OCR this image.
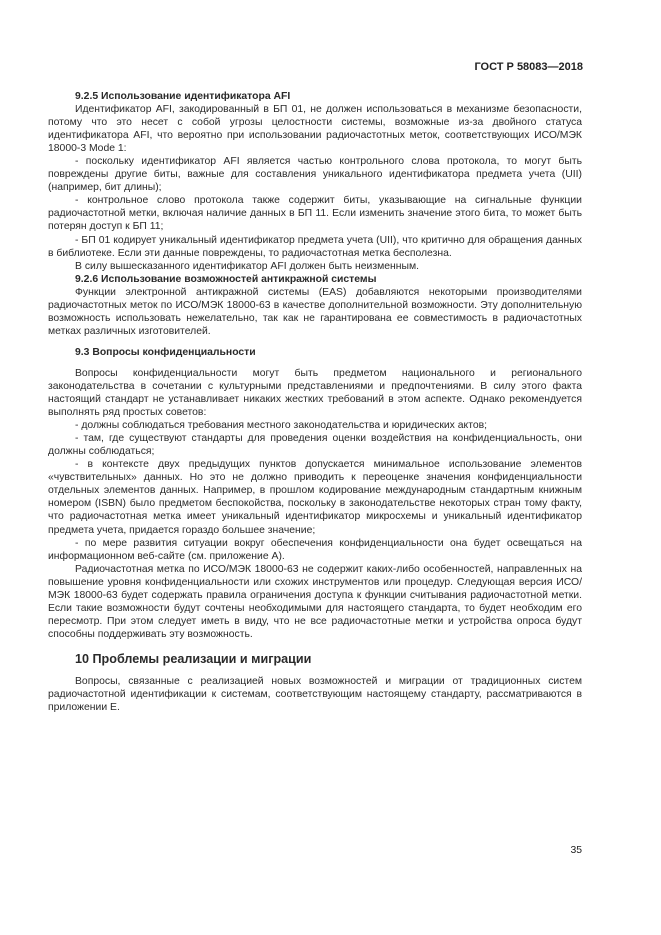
ГОСТ Р 58083—2018
9.2.5 Использование идентификатора AFI
Идентификатор AFI, закодированный в БП 01, не должен использоваться в механизме безопасности, потому что это несет с собой угрозы целостности системы, возможные из-за двойного статуса идентификатора AFI, что вероятно при использовании радиочастотных меток, соответствующих ИСО/МЭК 18000-3 Mode 1:
- поскольку идентификатор AFI является частью контрольного слова протокола, то могут быть повреждены другие биты, важные для составления уникального идентификатора предмета учета (UII) (например, бит длины);
- контрольное слово протокола также содержит биты, указывающие на сигнальные функции радиочастотной метки, включая наличие данных в БП 11. Если изменить значение этого бита, то может быть потерян доступ к БП 11;
- БП 01 кодирует уникальный идентификатор предмета учета (UII), что критично для обращения данных в библиотеке. Если эти данные повреждены, то радиочастотная метка бесполезна.
В силу вышесказанного идентификатор AFI должен быть неизменным.
9.2.6 Использование возможностей антикражной системы
Функции электронной антикражной системы (EAS) добавляются некоторыми производителями радиочастотных меток по ИСО/МЭК 18000-63 в качестве дополнительной возможности. Эту дополнительную возможность использовать нежелательно, так как не гарантирована ее совместимость в радиочастотных метках различных изготовителей.
9.3 Вопросы конфиденциальности
Вопросы конфиденциальности могут быть предметом национального и регионального законодательства в сочетании с культурными представлениями и предпочтениями. В силу этого факта настоящий стандарт не устанавливает никаких жестких требований в этом аспекте. Однако рекомендуется выполнять ряд простых советов:
- должны соблюдаться требования местного законодательства и юридических актов;
- там, где существуют стандарты для проведения оценки воздействия на конфиденциальность, они должны соблюдаться;
- в контексте двух предыдущих пунктов допускается минимальное использование элементов «чувствительных» данных. Но это не должно приводить к переоценке значения конфиденциальности отдельных элементов данных. Например, в прошлом кодирование международным стандартным книжным номером (ISBN) было предметом беспокойства, поскольку в законодательстве некоторых стран тому факту, что радиочастотная метка имеет уникальный идентификатор микросхемы и уникальный идентификатор предмета учета, придается гораздо большее значение;
- по мере развития ситуации вокруг обеспечения конфиденциальности она будет освещаться на информационном веб-сайте (см. приложение А).
Радиочастотная метка по ИСО/МЭК 18000-63 не содержит каких-либо особенностей, направленных на повышение уровня конфиденциальности или схожих инструментов или процедур. Следующая версия ИСО/МЭК 18000-63 будет содержать правила ограничения доступа к функции считывания радиочастотной метки. Если такие возможности будут сочтены необходимыми для настоящего стандарта, то будет необходим его пересмотр. При этом следует иметь в виду, что не все радиочастотные метки и устройства опроса будут способны поддерживать эту возможность.
10 Проблемы реализации и миграции
Вопросы, связанные с реализацией новых возможностей и миграции от традиционных систем радиочастотной идентификации к системам, соответствующим настоящему стандарту, рассматриваются в приложении Е.
35
